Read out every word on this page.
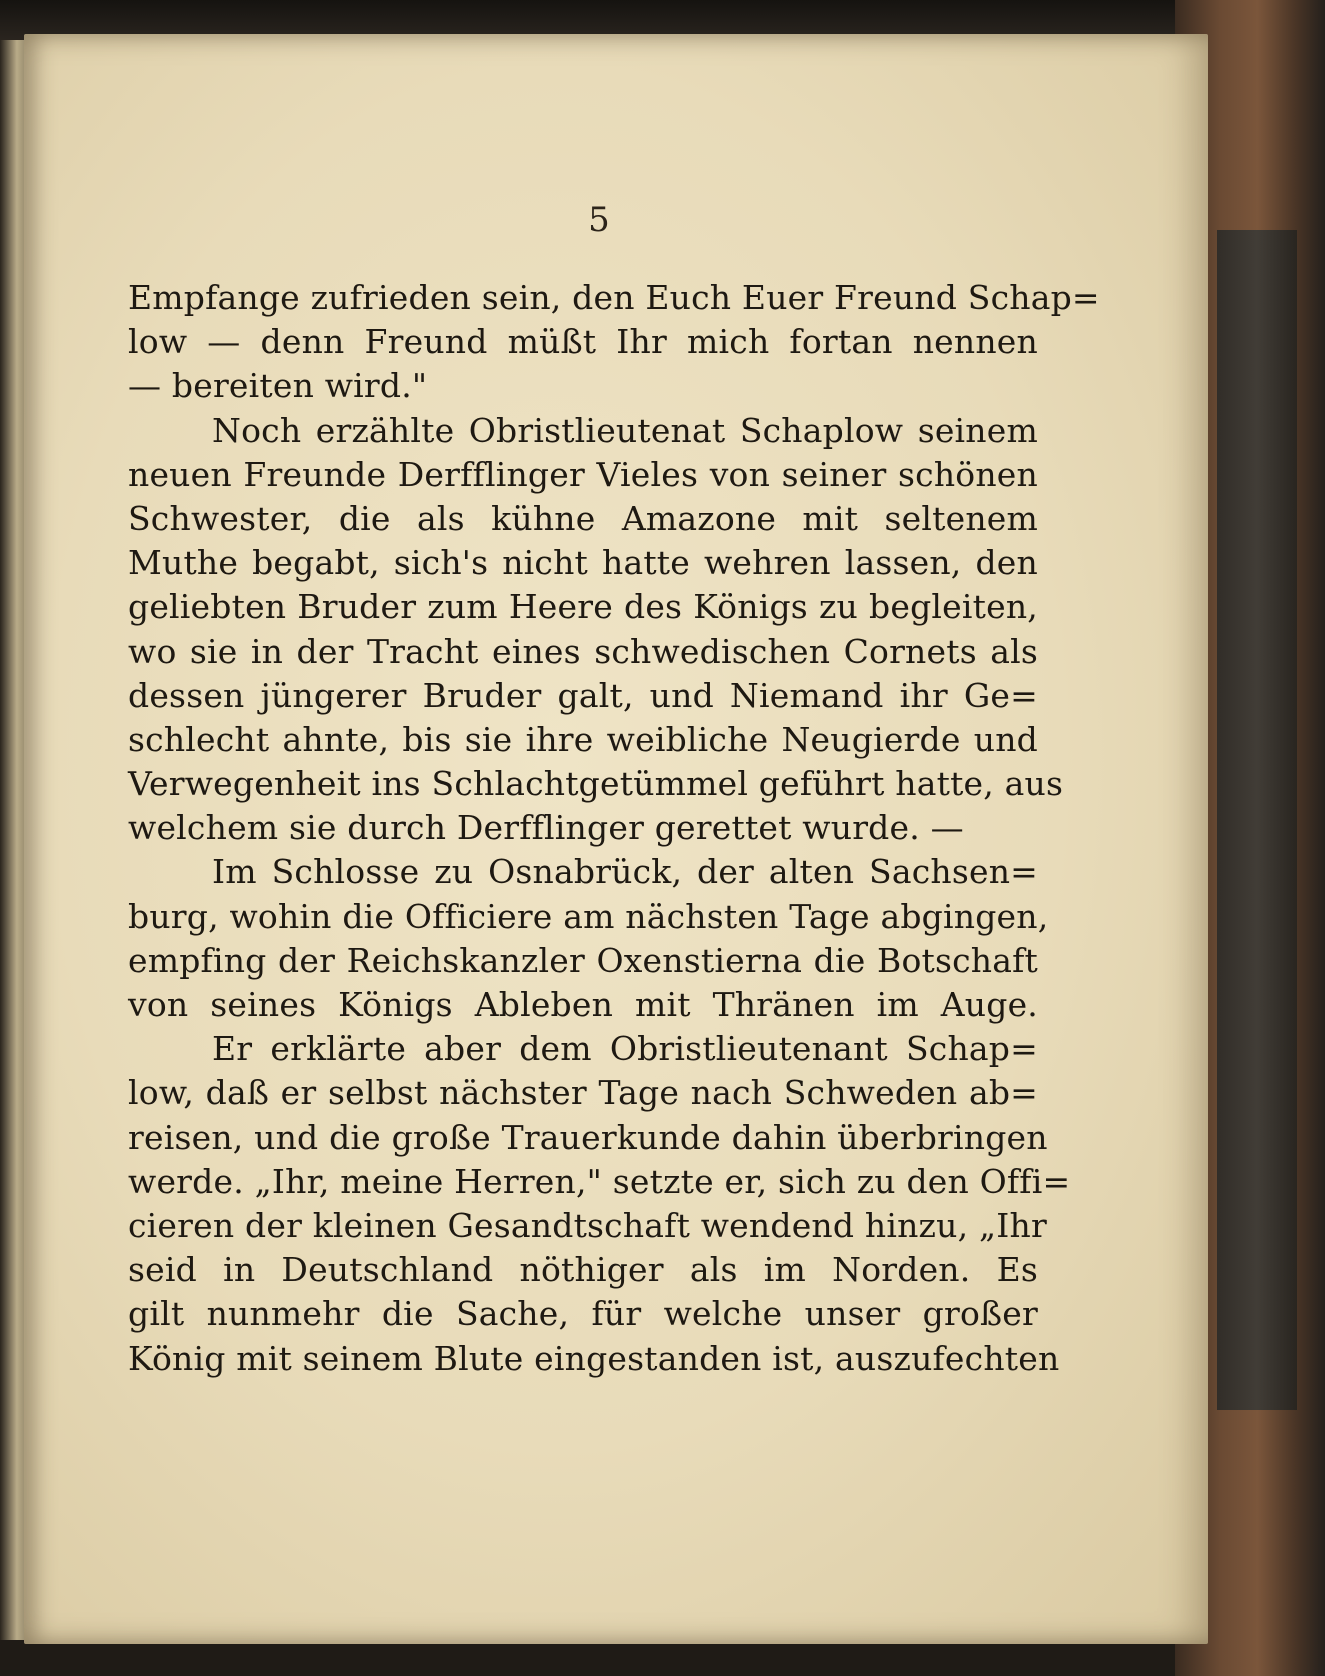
5
Empfange zufrieden sein, den Euch Euer Freund Schap=
low — denn Freund müßt Ihr mich fortan nennen
— bereiten wird."
Noch erzählte Obristlieutenat Schaplow seinem
neuen Freunde Derfflinger Vieles von seiner schönen
Schwester, die als kühne Amazone mit seltenem
Muthe begabt, sich's nicht hatte wehren lassen, den
geliebten Bruder zum Heere des Königs zu begleiten,
wo sie in der Tracht eines schwedischen Cornets als
dessen jüngerer Bruder galt, und Niemand ihr Ge=
schlecht ahnte, bis sie ihre weibliche Neugierde und
Verwegenheit ins Schlachtgetümmel geführt hatte, aus
welchem sie durch Derfflinger gerettet wurde. —
Im Schlosse zu Osnabrück, der alten Sachsen=
burg, wohin die Officiere am nächsten Tage abgingen,
empfing der Reichskanzler Oxenstierna die Botschaft
von seines Königs Ableben mit Thränen im Auge.
Er erklärte aber dem Obristlieutenant Schap=
low, daß er selbst nächster Tage nach Schweden ab=
reisen, und die große Trauerkunde dahin überbringen
werde. „Ihr, meine Herren," setzte er, sich zu den Offi=
cieren der kleinen Gesandtschaft wendend hinzu, „Ihr
seid in Deutschland nöthiger als im Norden. Es
gilt nunmehr die Sache, für welche unser großer
König mit seinem Blute eingestanden ist, auszufechten
